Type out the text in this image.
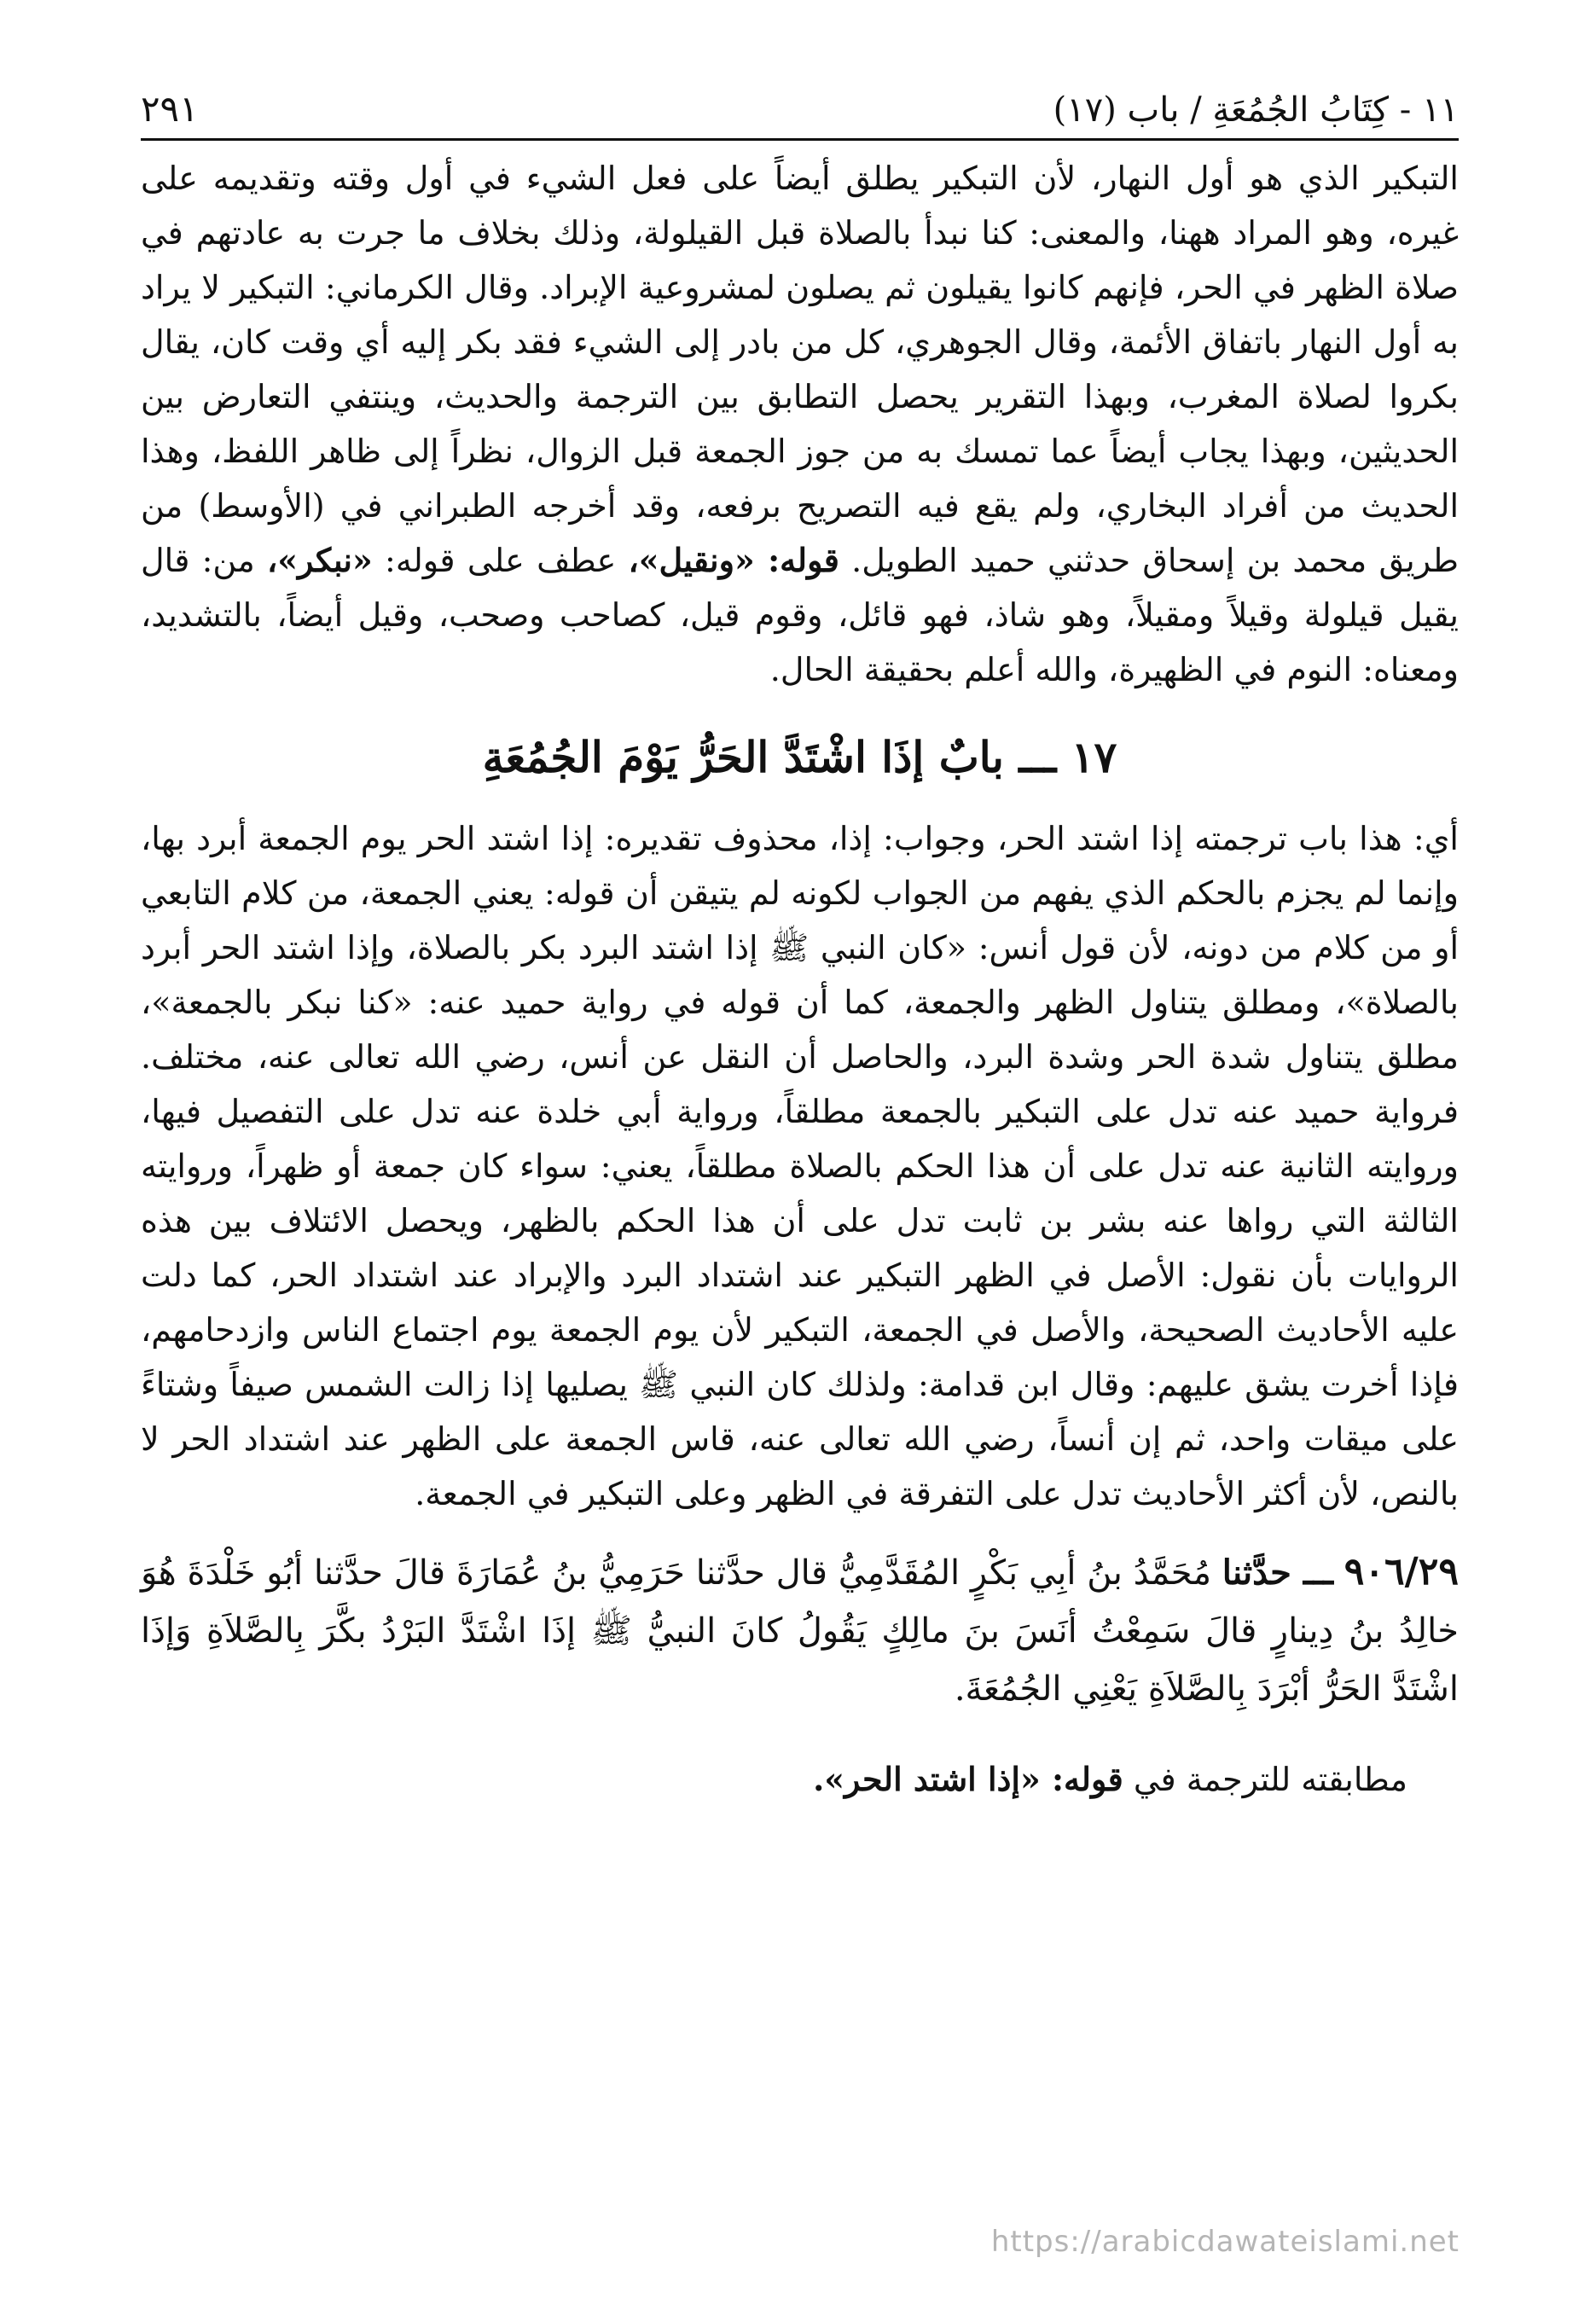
١١ - كِتَابُ الجُمُعَةِ / باب (١٧)
٢٩١

التبكير الذي هو أول النهار، لأن التبكير يطلق أيضاً على فعل الشيء في أول وقته وتقديمه على غيره، وهو المراد ههنا، والمعنى: كنا نبدأ بالصلاة قبل القيلولة، وذلك بخلاف ما جرت به عادتهم في صلاة الظهر في الحر، فإنهم كانوا يقيلون ثم يصلون لمشروعية الإبراد. وقال الكرماني: التبكير لا يراد به أول النهار باتفاق الأئمة، وقال الجوهري، كل من بادر إلى الشيء فقد بكر إليه أي وقت كان، يقال بكروا لصلاة المغرب، وبهذا التقرير يحصل التطابق بين الترجمة والحديث، وينتفي التعارض بين الحديثين، وبهذا يجاب أيضاً عما تمسك به من جوز الجمعة قبل الزوال، نظراً إلى ظاهر اللفظ، وهذا الحديث من أفراد البخاري، ولم يقع فيه التصريح برفعه، وقد أخرجه الطبراني في (الأوسط) من طريق محمد بن إسحاق حدثني حميد الطويل. قوله: «ونقيل»، عطف على قوله: «نبكر»، من: قال يقيل قيلولة وقيلاً ومقيلاً، وهو شاذ، فهو قائل، وقوم قيل، كصاحب وصحب، وقيل أيضاً، بالتشديد، ومعناه: النوم في الظهيرة، والله أعلم بحقيقة الحال.

١٧ ـــ بابٌ إذَا اشْتَدَّ الحَرُّ يَوْمَ الجُمُعَةِ

أي: هذا باب ترجمته إذا اشتد الحر، وجواب: إذا، محذوف تقديره: إذا اشتد الحر يوم الجمعة أبرد بها، وإنما لم يجزم بالحكم الذي يفهم من الجواب لكونه لم يتيقن أن قوله: يعني الجمعة، من كلام التابعي أو من كلام من دونه، لأن قول أنس: «كان النبي ﷺ إذا اشتد البرد بكر بالصلاة، وإذا اشتد الحر أبرد بالصلاة»، ومطلق يتناول الظهر والجمعة، كما أن قوله في رواية حميد عنه: «كنا نبكر بالجمعة»، مطلق يتناول شدة الحر وشدة البرد، والحاصل أن النقل عن أنس، رضي الله تعالى عنه، مختلف. فرواية حميد عنه تدل على التبكير بالجمعة مطلقاً، ورواية أبي خلدة عنه تدل على التفصيل فيها، وروايته الثانية عنه تدل على أن هذا الحكم بالصلاة مطلقاً، يعني: سواء كان جمعة أو ظهراً، وروايته الثالثة التي رواها عنه بشر بن ثابت تدل على أن هذا الحكم بالظهر، ويحصل الائتلاف بين هذه الروايات بأن نقول: الأصل في الظهر التبكير عند اشتداد البرد والإبراد عند اشتداد الحر، كما دلت عليه الأحاديث الصحيحة، والأصل في الجمعة، التبكير لأن يوم الجمعة يوم اجتماع الناس وازدحامهم، فإذا أخرت يشق عليهم: وقال ابن قدامة: ولذلك كان النبي ﷺ يصليها إذا زالت الشمس صيفاً وشتاءً على ميقات واحد، ثم إن أنساً، رضي الله تعالى عنه، قاس الجمعة على الظهر عند اشتداد الحر لا بالنص، لأن أكثر الأحاديث تدل على التفرقة في الظهر وعلى التبكير في الجمعة.

٩٠٦/٢٩ ـــ حدَّثنا مُحَمَّدُ بنُ أبِي بَكْرٍ المُقَدَّمِيُّ قال حدَّثنا حَرَمِيُّ بنُ عُمَارَةَ قالَ حدَّثنا أبُو خَلْدَةَ هُوَ خالِدُ بنُ دِينارٍ قالَ سَمِعْتُ أنَسَ بنَ مالِكٍ يَقُولُ كانَ النبيُّ ﷺ إذَا اشْتَدَّ البَرْدُ بكَّرَ بِالصَّلاَةِ وَإذَا اشْتَدَّ الحَرُّ أبْرَدَ بِالصَّلاَةِ يَعْنِي الجُمُعَةَ.

مطابقته للترجمة في قوله: «إذا اشتد الحر».

https://arabicdawateislami.net
